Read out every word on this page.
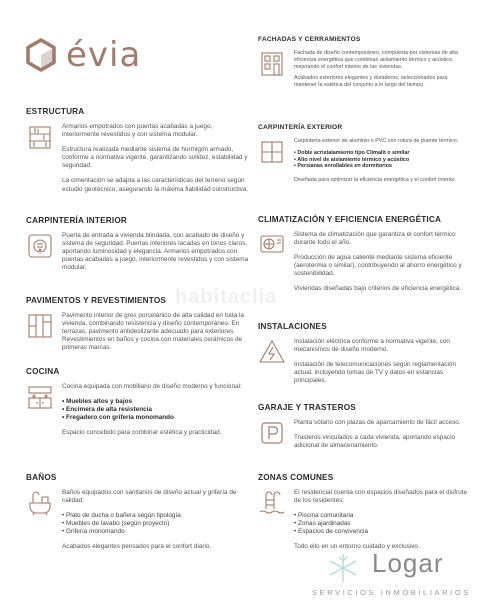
évia
habitaclia
ESTRUCTURA

Armarios empotrados con puertas acabadas a juego, interiormente revestidos y con sistema modular.

Estructura realizada mediante sistema de hormigón armado, conforme a normativa vigente, garantizando solidez, estabilidad y seguridad.

La cimentación se adapta a las características del terreno según estudio geotécnico, asegurando la máxima fiabilidad constructiva.

CARPINTERÍA INTERIOR

Puerta de entrada a vivienda blindada, con acabado de diseño y sistema de seguridad. Puertas interiores lacadas en tonos claros, aportando luminosidad y elegancia. Armarios empotrados con puertas acabadas a juego, interiormente revestidos y con sistema modular.

PAVIMENTOS Y REVESTIMIENTOS

Pavimento interior de gres porcelánico de alta calidad en toda la vivienda, combinando resistencia y diseño contemporáneo. En terrazas, pavimento antideslizante adecuado para exteriores. Revestimientos en baños y cocina con materiales cerámicos de primeras marcas.

COCINA

Cocina equipada con mobiliario de diseño moderno y funcional:

• Muebles altos y bajos
• Encimera de alta resistencia
• Fregadero con grifería monomando

Espacio concebido para combinar estética y practicidad.

BAÑOS

Baños equipados con sanitarios de diseño actual y grifería de calidad:

• Plato de ducha o bañera según tipología
• Muebles de lavabo (según proyecto)
• Grifería monomando

Acabados elegantes pensados para el confort diario.

FACHADAS Y CERRAMIENTOS

Fachada de diseño contemporáneo, compuesta por sistemas de alta eficiencia energética que combinan aislamiento térmico y acústico, mejorando el confort interior de las viviendas.

Acabados exteriores elegantes y duraderos, seleccionados para mantener la estética del conjunto a lo largo del tiempo.

CARPINTERÍA EXTERIOR

Carpintería exterior de aluminio o PVC con rotura de puente térmico.

• Doble acristalamiento tipo Climalit o similar
• Alto nivel de aislamiento térmico y acústico
• Persianas enrollables en dormitorios

Diseñada para optimizar la eficiencia energética y el confort interior.

CLIMATIZACIÓN Y EFICIENCIA ENERGÉTICA

Sistema de climatización que garantiza el confort térmico durante todo el año.

Producción de agua caliente mediante sistema eficiente (aerotermia o similar), contribuyendo al ahorro energético y sostenibilidad.

Viviendas diseñadas bajo criterios de eficiencia energética.

INSTALACIONES

Instalación eléctrica conforme a normativa vigente, con mecanismos de diseño moderno.

Instalación de telecomunicaciones según reglamentación actual, incluyendo tomas de TV y datos en estancias principales.

GARAJE Y TRASTEROS

Planta sótano con plazas de aparcamiento de fácil acceso.

Trasteros vinculados a cada vivienda, aportando espacio adicional de almacenamiento.

ZONAS COMUNES

El residencial cuenta con espacios diseñados para el disfrute de los residentes:

• Piscina comunitaria
• Zonas ajardinadas
• Espacios de convivencia

Todo ello en un entorno cuidado y exclusivo.

Logar
SERVICIOS INMOBILIARIOS
